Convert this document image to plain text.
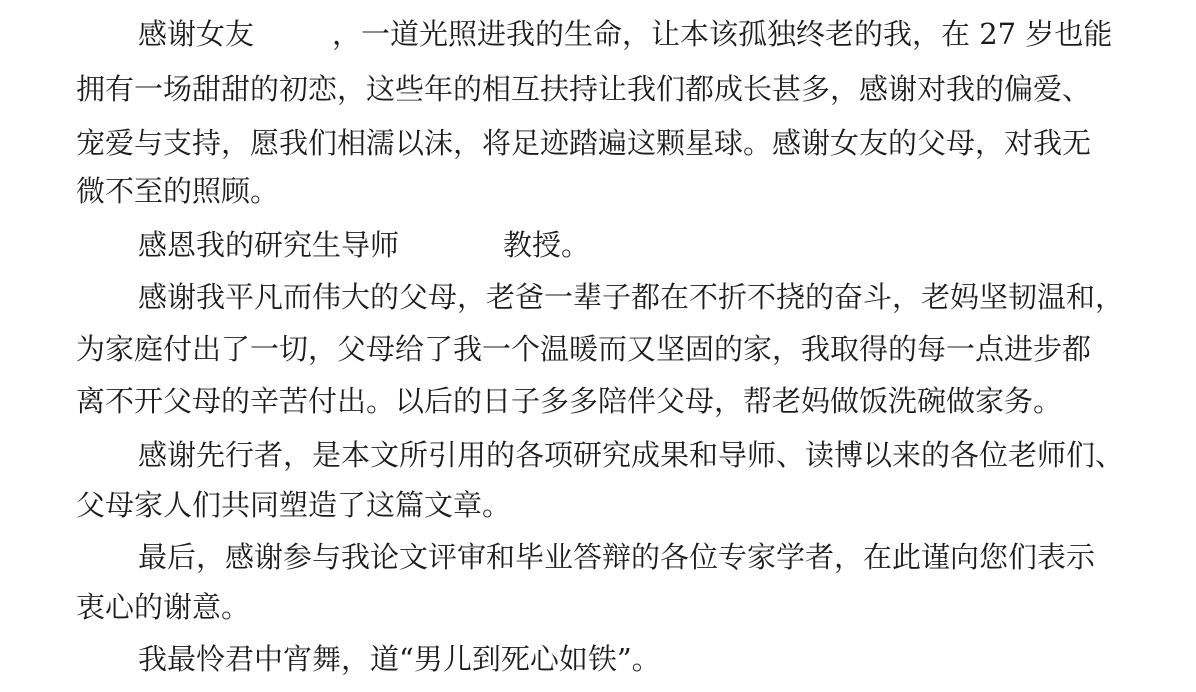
感谢女友	，一道光照进我的生命，让本该孤独终老的我，在 27 岁也能
拥有一场甜甜的初恋，这些年的相互扶持让我们都成长甚多，感谢对我的偏爱、
宠爱与支持，愿我们相濡以沫，将足迹踏遍这颗星球。感谢女友的父母，对我无
微不至的照顾。
感恩我的研究生导师	教授。
感谢我平凡而伟大的父母，老爸一辈子都在不折不挠的奋斗，老妈坚韧温和，
为家庭付出了一切，父母给了我一个温暖而又坚固的家，我取得的每一点进步都
离不开父母的辛苦付出。以后的日子多多陪伴父母，帮老妈做饭洗碗做家务。
感谢先行者，是本文所引用的各项研究成果和导师、读博以来的各位老师们、
父母家人们共同塑造了这篇文章。
最后，感谢参与我论文评审和毕业答辩的各位专家学者，在此谨向您们表示
衷心的谢意。
我最怜君中宵舞，道“男儿到死心如铁”。
